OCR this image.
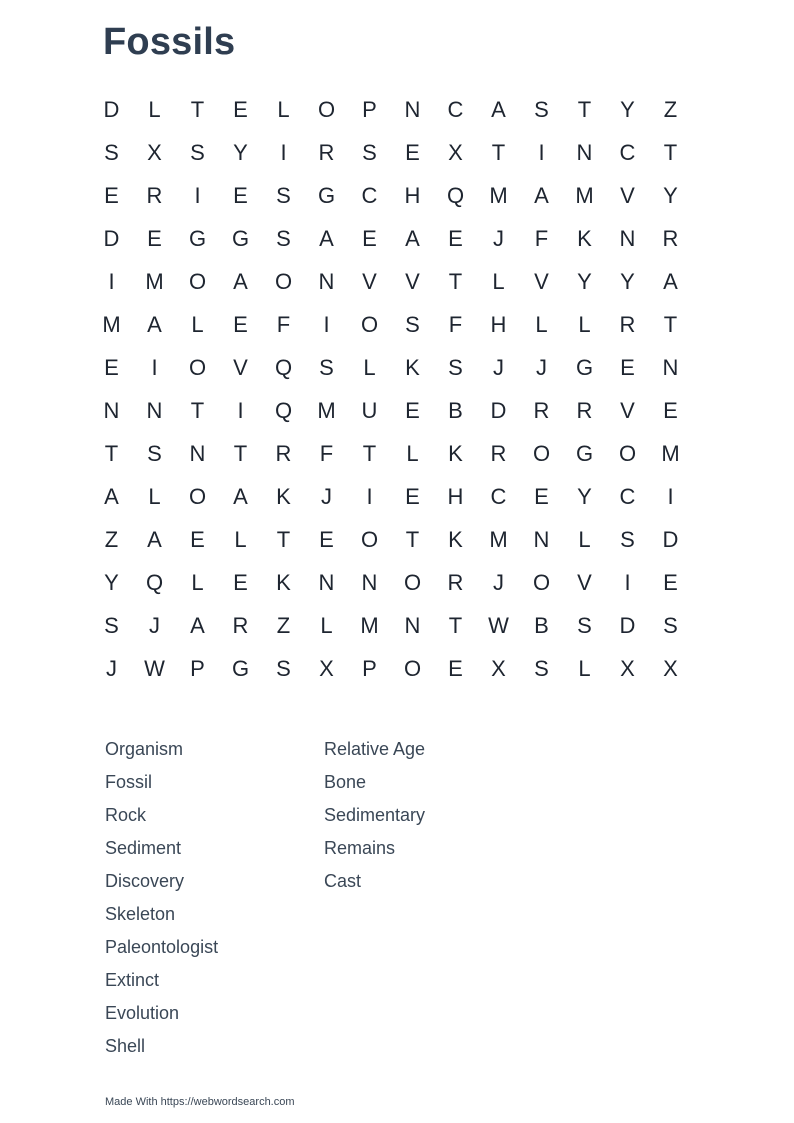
Fossils
D	L	T	E	L	O	P	N	C	A	S	T	Y	Z
S	X	S	Y	I	R	S	E	X	T	I	N	C	T
E	R	I	E	S	G	C	H	Q	M	A	M	V	Y
D	E	G	G	S	A	E	A	E	J	F	K	N	R
I	M	O	A	O	N	V	V	T	L	V	Y	Y	A
M	A	L	E	F	I	O	S	F	H	L	L	R	T
E	I	O	V	Q	S	L	K	S	J	J	G	E	N
N	N	T	I	Q	M	U	E	B	D	R	R	V	E
T	S	N	T	R	F	T	L	K	R	O	G	O	M
A	L	O	A	K	J	I	E	H	C	E	Y	C	I
Z	A	E	L	T	E	O	T	K	M	N	L	S	D
Y	Q	L	E	K	N	N	O	R	J	O	V	I	E
S	J	A	R	Z	L	M	N	T	W	B	S	D	S
J	W	P	G	S	X	P	O	E	X	S	L	X	X
Organism
Fossil
Rock
Sediment
Discovery
Skeleton
Paleontologist
Extinct
Evolution
Shell
Relative Age
Bone
Sedimentary
Remains
Cast
Made With https://webwordsearch.com
